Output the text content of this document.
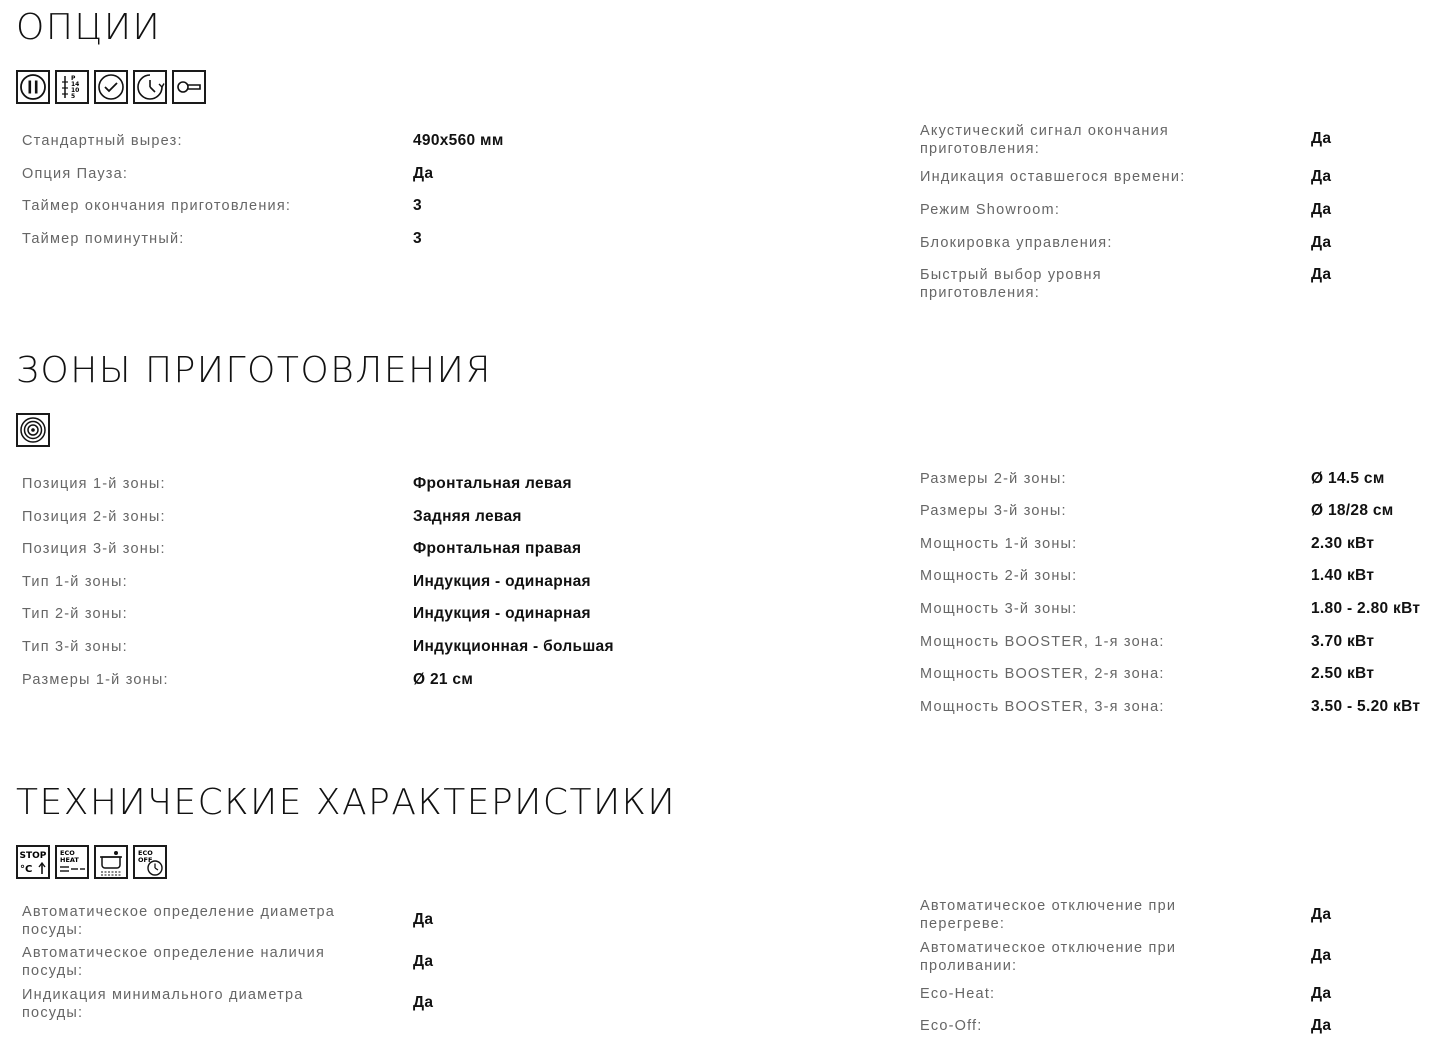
ОПЦИИ
P
14
10
5
Стандартный вырез:	490x560 мм
Опция Пауза:	Да
Таймер окончания приготовления:	3
Таймер поминутный:	3
Акустический сигнал окончания приготовления:
Да
Индикация оставшегося времени:	Да
Режим Showroom:	Да
Блокировка управления:	Да
Быстрый выбор уровня приготовления:
Да
ЗОНЫ ПРИГОТОВЛЕНИЯ
Позиция 1-й зоны:	Фронтальная левая
Позиция 2-й зоны:	Задняя левая
Позиция 3-й зоны:	Фронтальная правая
Тип 1-й зоны:	Индукция - одинарная
Тип 2-й зоны:	Индукция - одинарная
Тип 3-й зоны:	Индукционная - большая
Размеры 1-й зоны:	Ø 21 см
Размеры 2-й зоны:	Ø 14.5 см
Размеры 3-й зоны:	Ø 18/28 см
Мощность 1-й зоны:	2.30 кВт
Мощность 2-й зоны:	1.40 кВт
Мощность 3-й зоны:	1.80 - 2.80 кВт
Мощность BOOSTER, 1-я зона:	3.70 кВт
Мощность BOOSTER, 2-я зона:	2.50 кВт
Мощность BOOSTER, 3-я зона:	3.50 - 5.20 кВт
ТЕХНИЧЕСКИЕ ХАРАКТЕРИСТИКИ
STOP
°C
ECO
HEAT
ECO
OFF
Автоматическое определение диаметра посуды:
Да
Автоматическое определение наличия посуды:
Да
Индикация минимального диаметра посуды:
Да
Автоматическое отключение при перегреве:
Да
Автоматическое отключение при проливании:
Да
Eco-Heat:	Да
Eco-Off:	Да
